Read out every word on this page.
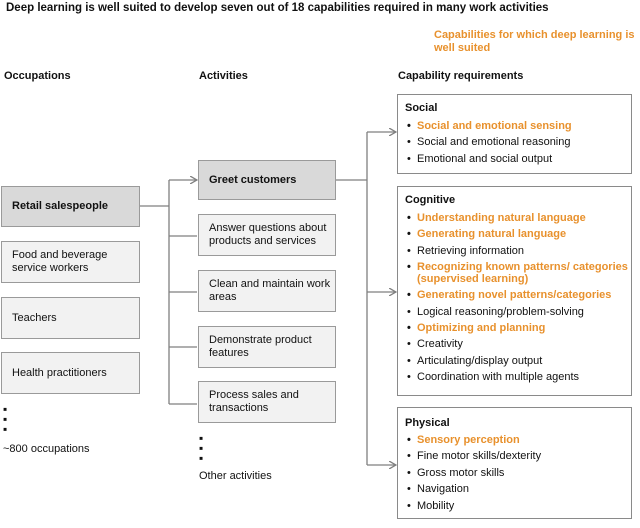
Deep learning is well suited to develop seven out of 18 capabilities required in many work activities
Capabilities for which deep learning is well suited
Occupations	Activities	Capability requirements
Retail salespeople
Food and beverage service workers
Teachers
Health practitioners
▪
▪
▪
~800 occupations
Greet customers
Answer questions about products and services
Clean and maintain work areas
Demonstrate product features
Process sales and transactions
▪
▪
▪
Other activities
Social
• Social and emotional sensing
• Social and emotional reasoning
• Emotional and social output
Cognitive
• Understanding natural language
• Generating natural language
• Retrieving information
• Recognizing known patterns/ categories (supervised learning)
• Generating novel patterns/categories
• Logical reasoning/problem-solving
• Optimizing and planning
• Creativity
• Articulating/display output
• Coordination with multiple agents
Physical
• Sensory perception
• Fine motor skills/dexterity
• Gross motor skills
• Navigation
• Mobility
